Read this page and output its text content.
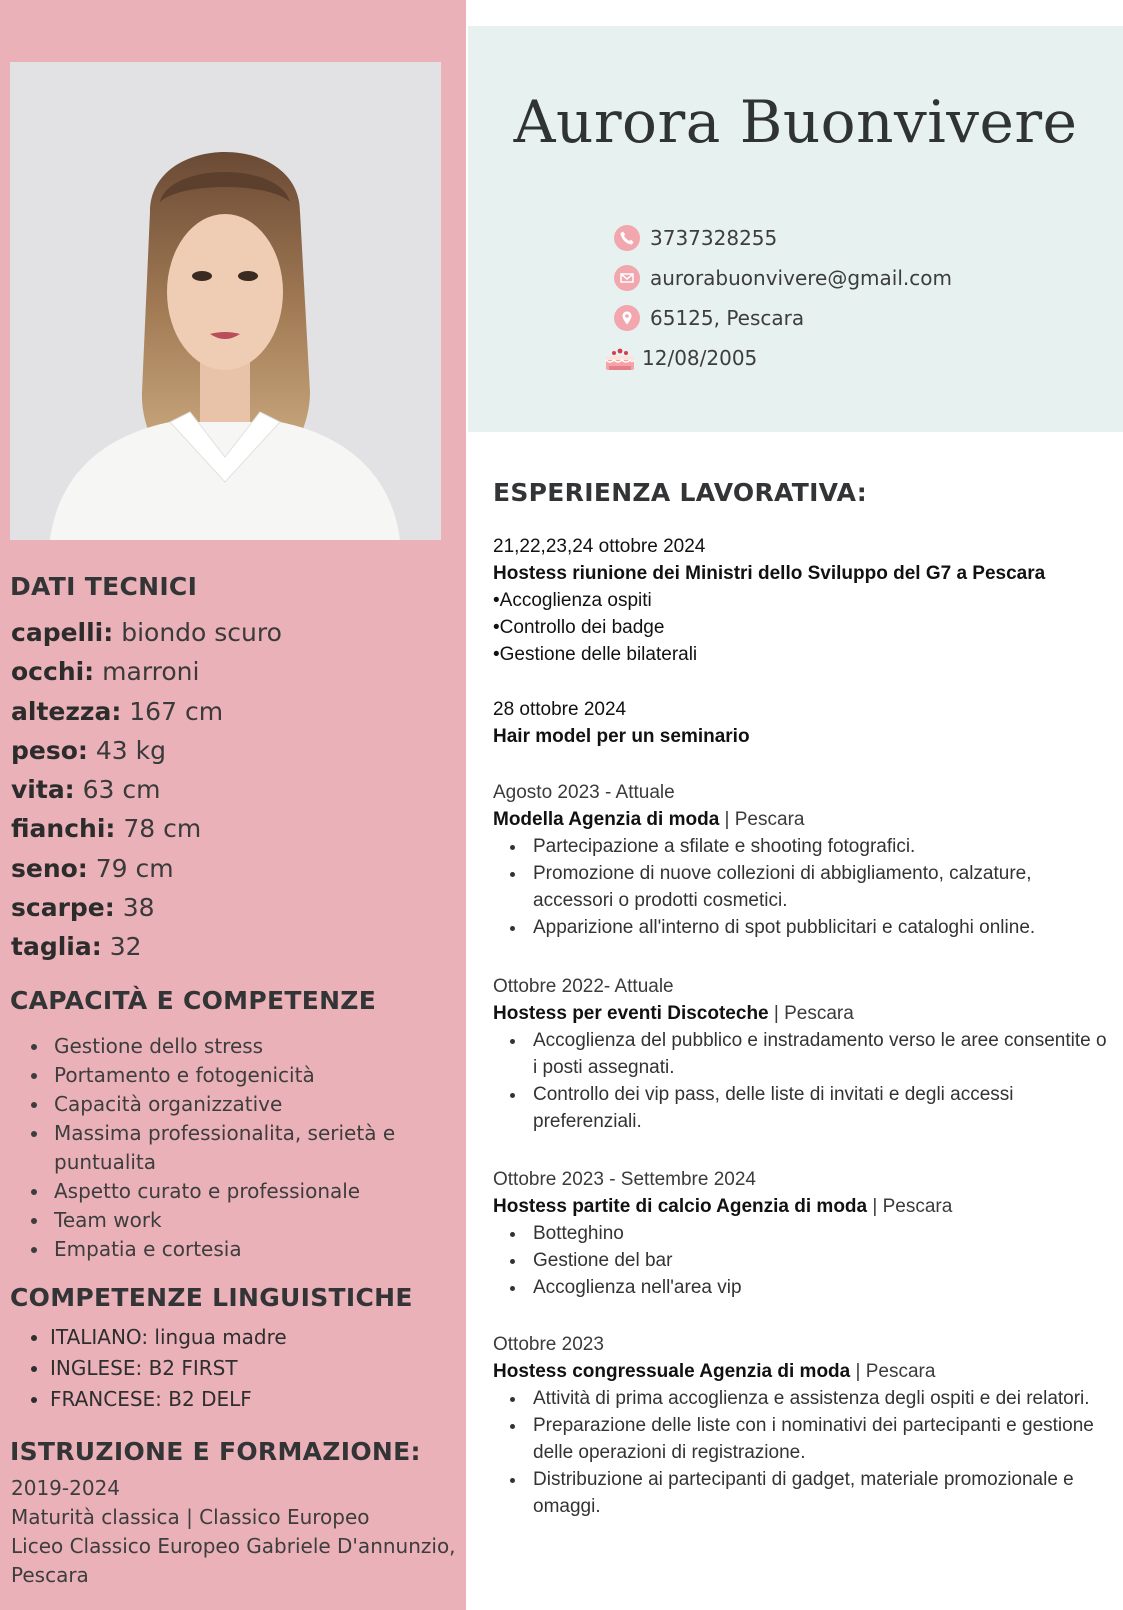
DATI TECNICI
capelli: biondo scuro
occhi: marroni
altezza: 167 cm
peso: 43 kg
vita: 63 cm
fianchi: 78 cm
seno: 79 cm
scarpe: 38
taglia: 32
CAPACITÀ E COMPETENZE
• Gestione dello stress
• Portamento e fotogenicità
• Capacità organizzative
• Massima professionalita, serietà e puntualita
• Aspetto curato e professionale
• Team work
• Empatia e cortesia
COMPETENZE LINGUISTICHE
• ITALIANO: lingua madre
• INGLESE: B2 FIRST
• FRANCESE: B2 DELF
ISTRUZIONE E FORMAZIONE:
2019-2024
Maturità classica | Classico Europeo
Liceo Classico Europeo Gabriele D'annunzio,
Pescara
Aurora Buonvivere
3737328255
aurorabuonvivere@gmail.com
65125, Pescara
12/08/2005
ESPERIENZA LAVORATIVA:
21,22,23,24 ottobre 2024
Hostess riunione dei Ministri dello Sviluppo del G7 a Pescara
•Accoglienza ospiti
•Controllo dei badge
•Gestione delle bilaterali
28 ottobre 2024
Hair model per un seminario
Agosto 2023 - Attuale
Modella Agenzia di moda | Pescara
• Partecipazione a sfilate e shooting fotografici.
• Promozione di nuove collezioni di abbigliamento, calzature, accessori o prodotti cosmetici.
• Apparizione all'interno di spot pubblicitari e cataloghi online.
Ottobre 2022- Attuale
Hostess per eventi Discoteche | Pescara
• Accoglienza del pubblico e instradamento verso le aree consentite o i posti assegnati.
• Controllo dei vip pass, delle liste di invitati e degli accessi preferenziali.
Ottobre 2023 - Settembre 2024
Hostess partite di calcio Agenzia di moda | Pescara
• Botteghino
• Gestione del bar
• Accoglienza nell'area vip
Ottobre 2023
Hostess congressuale Agenzia di moda | Pescara
• Attività di prima accoglienza e assistenza degli ospiti e dei relatori.
• Preparazione delle liste con i nominativi dei partecipanti e gestione delle operazioni di registrazione.
• Distribuzione ai partecipanti di gadget, materiale promozionale e omaggi.
